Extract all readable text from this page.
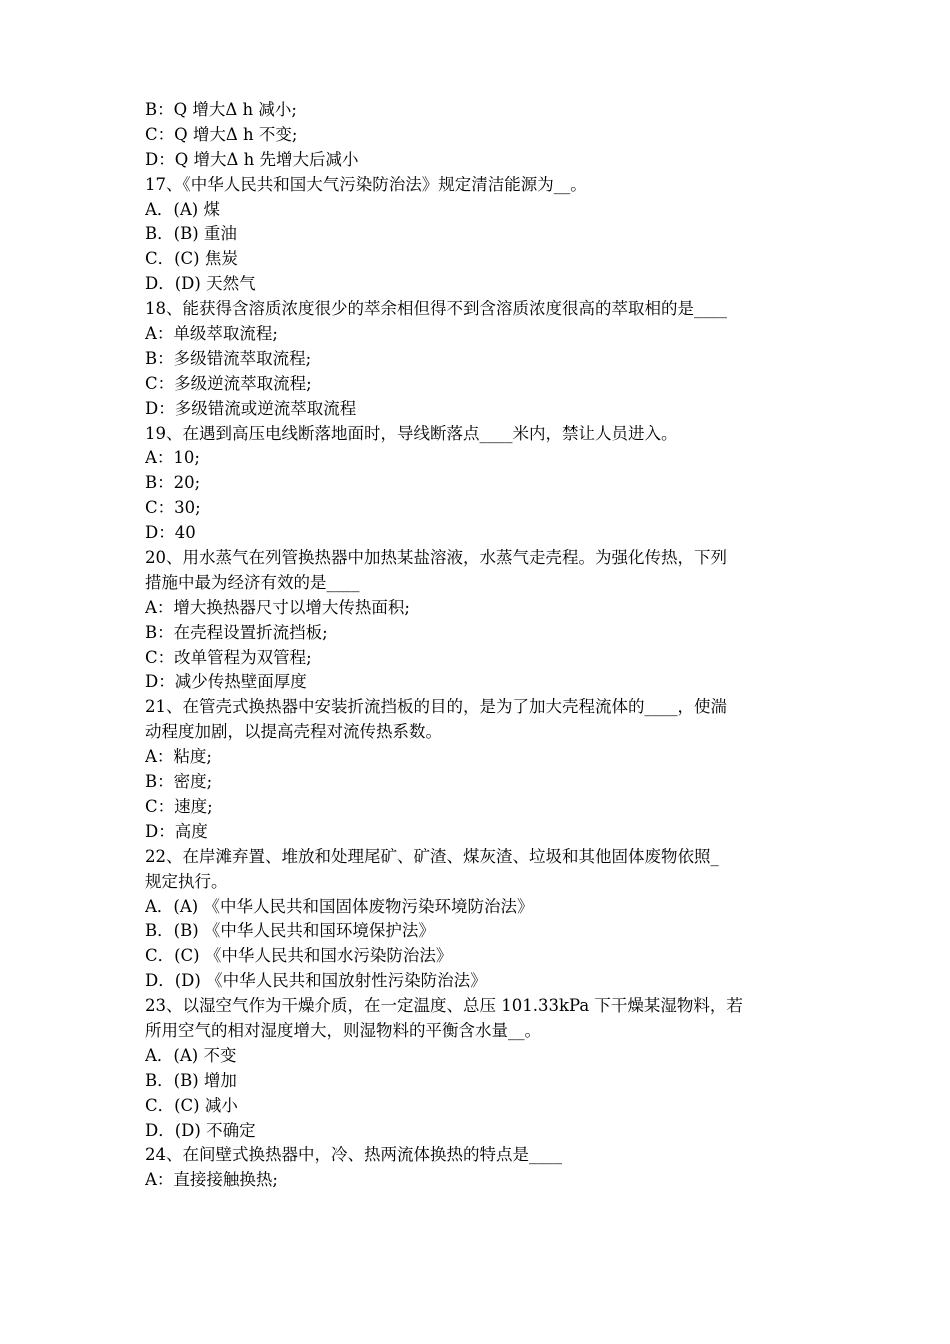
B：Q 增大Δ h 减小;
C：Q 增大Δ h 不变;
D：Q 增大Δ h 先增大后减小
17、《中华人民共和国大气污染防治法》规定清洁能源为__。
A．(A) 煤
B．(B) 重油
C．(C) 焦炭
D．(D) 天然气
18、能获得含溶质浓度很少的萃余相但得不到含溶质浓度很高的萃取相的是____
A：单级萃取流程;
B：多级错流萃取流程;
C：多级逆流萃取流程;
D：多级错流或逆流萃取流程
19、在遇到高压电线断落地面时，导线断落点____米内，禁让人员进入。
A：10;
B：20;
C：30;
D：40
20、用水蒸气在列管换热器中加热某盐溶液，水蒸气走壳程。为强化传热，下列
措施中最为经济有效的是____
A：增大换热器尺寸以增大传热面积;
B：在壳程设置折流挡板;
C：改单管程为双管程;
D：减少传热壁面厚度
21、在管壳式换热器中安装折流挡板的目的，是为了加大壳程流体的____，使湍
动程度加剧，以提高壳程对流传热系数。
A：粘度;
B：密度;
C：速度;
D：高度
22、在岸滩弃置、堆放和处理尾矿、矿渣、煤灰渣、垃圾和其他固体废物依照_
规定执行。
A．(A) 《中华人民共和国固体废物污染环境防治法》
B．(B) 《中华人民共和国环境保护法》
C．(C) 《中华人民共和国水污染防治法》
D．(D) 《中华人民共和国放射性污染防治法》
23、以湿空气作为干燥介质，在一定温度、总压 101.33kPa 下干燥某湿物料，若
所用空气的相对湿度增大，则湿物料的平衡含水量__。
A．(A) 不变
B．(B) 增加
C．(C) 减小
D．(D) 不确定
24、在间壁式换热器中，冷、热两流体换热的特点是____
A：直接接触换热;
